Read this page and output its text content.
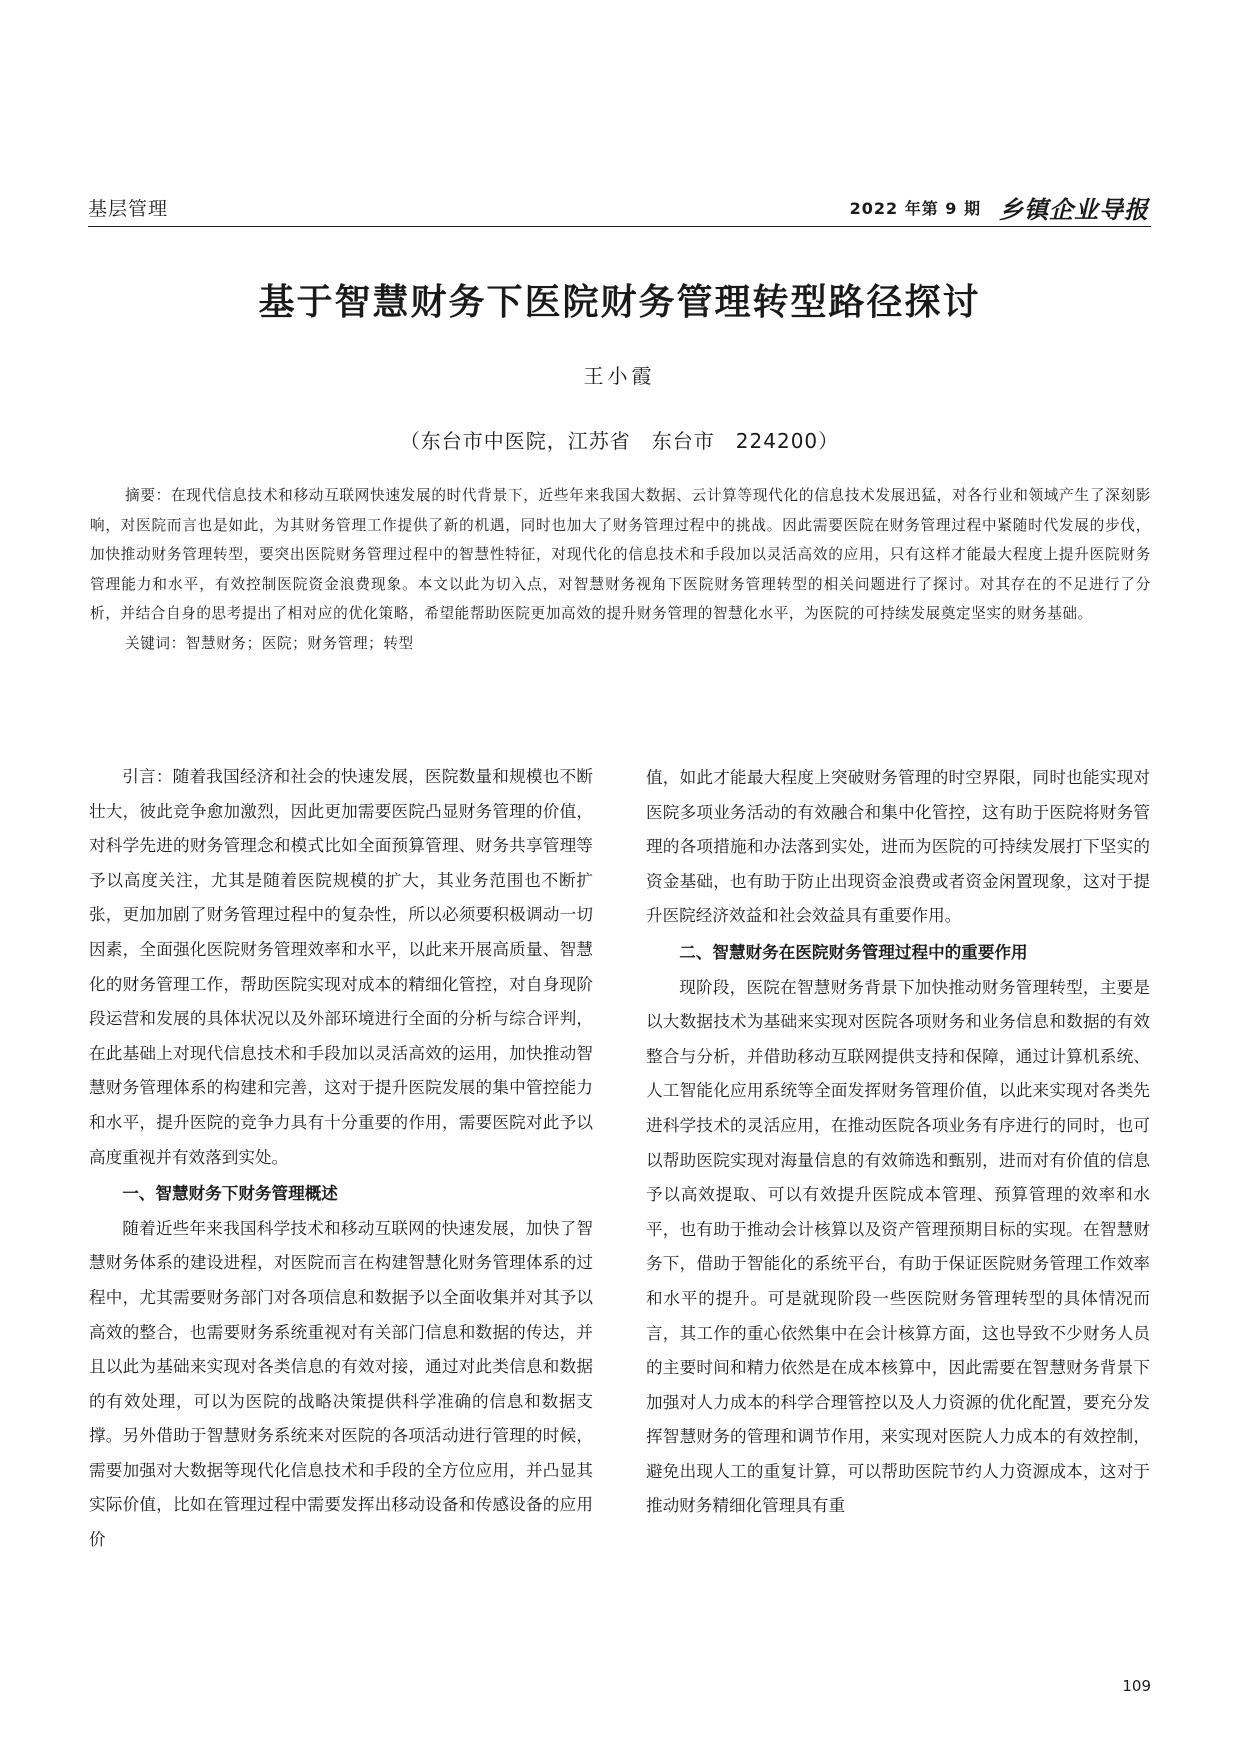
基层管理	2022 年第 9 期 乡镇企业导报
基于智慧财务下医院财务管理转型路径探讨
王小霞
（东台市中医院，江苏省　东台市　224200）

摘要：在现代信息技术和移动互联网快速发展的时代背景下，近些年来我国大数据、云计算等现代化的信息技术发展迅猛，对各行业和领域产生了深刻影响，对医院而言也是如此，为其财务管理工作提供了新的机遇，同时也加大了财务管理过程中的挑战。因此需要医院在财务管理过程中紧随时代发展的步伐，加快推动财务管理转型，要突出医院财务管理过程中的智慧性特征，对现代化的信息技术和手段加以灵活高效的应用，只有这样才能最大程度上提升医院财务管理能力和水平，有效控制医院资金浪费现象。本文以此为切入点，对智慧财务视角下医院财务管理转型的相关问题进行了探讨。对其存在的不足进行了分析，并结合自身的思考提出了相对应的优化策略，希望能帮助医院更加高效的提升财务管理的智慧化水平，为医院的可持续发展奠定坚实的财务基础。

关键词：智慧财务；医院；财务管理；转型

引言：随着我国经济和社会的快速发展，医院数量和规模也不断壮大，彼此竞争愈加激烈，因此更加需要医院凸显财务管理的价值，对科学先进的财务管理念和模式比如全面预算管理、财务共享管理等予以高度关注，尤其是随着医院规模的扩大，其业务范围也不断扩张，更加加剧了财务管理过程中的复杂性，所以必须要积极调动一切因素，全面强化医院财务管理效率和水平，以此来开展高质量、智慧化的财务管理工作，帮助医院实现对成本的精细化管控，对自身现阶段运营和发展的具体状况以及外部环境进行全面的分析与综合评判，在此基础上对现代信息技术和手段加以灵活高效的运用，加快推动智慧财务管理体系的构建和完善，这对于提升医院发展的集中管控能力和水平，提升医院的竞争力具有十分重要的作用，需要医院对此予以高度重视并有效落到实处。

一、智慧财务下财务管理概述

随着近些年来我国科学技术和移动互联网的快速发展，加快了智慧财务体系的建设进程，对医院而言在构建智慧化财务管理体系的过程中，尤其需要财务部门对各项信息和数据予以全面收集并对其予以高效的整合，也需要财务系统重视对有关部门信息和数据的传达，并且以此为基础来实现对各类信息的有效对接，通过对此类信息和数据的有效处理，可以为医院的战略决策提供科学准确的信息和数据支撑。另外借助于智慧财务系统来对医院的各项活动进行管理的时候，需要加强对大数据等现代化信息技术和手段的全方位应用，并凸显其实际价值，比如在管理过程中需要发挥出移动设备和传感设备的应用价

值，如此才能最大程度上突破财务管理的时空界限，同时也能实现对医院多项业务活动的有效融合和集中化管控，这有助于医院将财务管理的各项措施和办法落到实处，进而为医院的可持续发展打下坚实的资金基础，也有助于防止出现资金浪费或者资金闲置现象，这对于提升医院经济效益和社会效益具有重要作用。

二、智慧财务在医院财务管理过程中的重要作用

现阶段，医院在智慧财务背景下加快推动财务管理转型，主要是以大数据技术为基础来实现对医院各项财务和业务信息和数据的有效整合与分析，并借助移动互联网提供支持和保障，通过计算机系统、人工智能化应用系统等全面发挥财务管理价值，以此来实现对各类先进科学技术的灵活应用，在推动医院各项业务有序进行的同时，也可以帮助医院实现对海量信息的有效筛选和甄别，进而对有价值的信息予以高效提取、可以有效提升医院成本管理、预算管理的效率和水平，也有助于推动会计核算以及资产管理预期目标的实现。在智慧财务下，借助于智能化的系统平台，有助于保证医院财务管理工作效率和水平的提升。可是就现阶段一些医院财务管理转型的具体情况而言，其工作的重心依然集中在会计核算方面，这也导致不少财务人员的主要时间和精力依然是在成本核算中，因此需要在智慧财务背景下加强对人力成本的科学合理管控以及人力资源的优化配置，要充分发挥智慧财务的管理和调节作用，来实现对医院人力成本的有效控制，避免出现人工的重复计算，可以帮助医院节约人力资源成本，这对于推动财务精细化管理具有重

109
